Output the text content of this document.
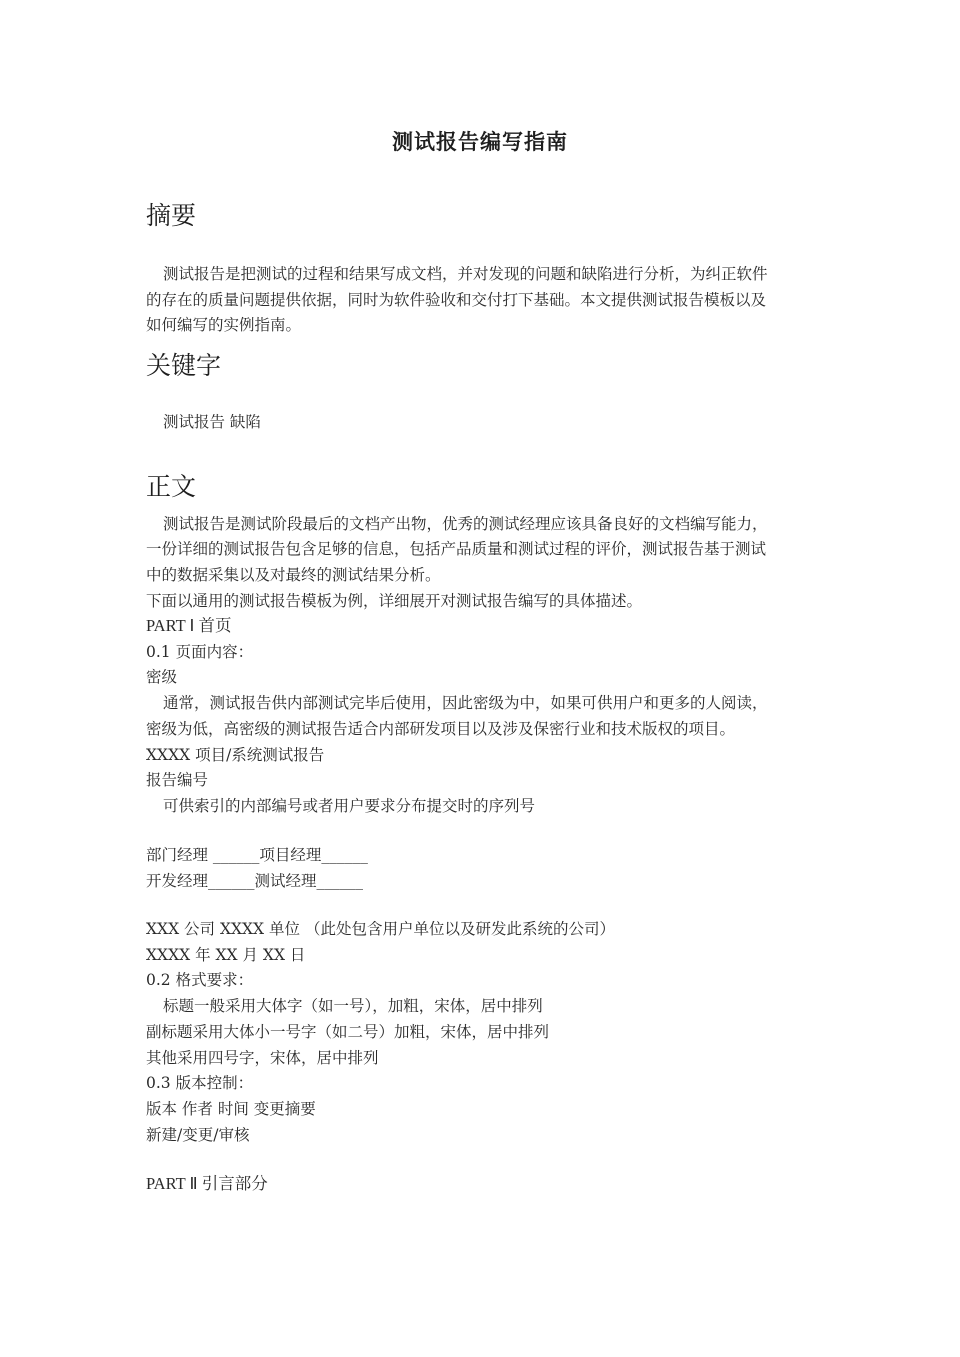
测试报告编写指南
摘要
测试报告是把测试的过程和结果写成文档，并对发现的问题和缺陷进行分析，为纠正软件
的存在的质量问题提供依据，同时为软件验收和交付打下基础。本文提供测试报告模板以及
如何编写的实例指南。
关键字
测试报告 缺陷
正文
测试报告是测试阶段最后的文档产出物，优秀的测试经理应该具备良好的文档编写能力，
一份详细的测试报告包含足够的信息，包括产品质量和测试过程的评价，测试报告基于测试
中的数据采集以及对最终的测试结果分析。
下面以通用的测试报告模板为例，详细展开对测试报告编写的具体描述。
PART Ⅰ 首页
0.1 页面内容：
密级
通常，测试报告供内部测试完毕后使用，因此密级为中，如果可供用户和更多的人阅读，
密级为低，高密级的测试报告适合内部研发项目以及涉及保密行业和技术版权的项目。
XXXX 项目/系统测试报告
报告编号
可供索引的内部编号或者用户要求分布提交时的序列号
部门经理 ______项目经理______
开发经理______测试经理______
XXX 公司 XXXX 单位 （此处包含用户单位以及研发此系统的公司）
XXXX 年 XX 月 XX 日
0.2 格式要求：
标题一般采用大体字（如一号），加粗，宋体，居中排列
副标题采用大体小一号字（如二号）加粗，宋体，居中排列
其他采用四号字，宋体，居中排列
0.3 版本控制：
版本 作者 时间 变更摘要
新建/变更/审核
PART Ⅱ 引言部分
